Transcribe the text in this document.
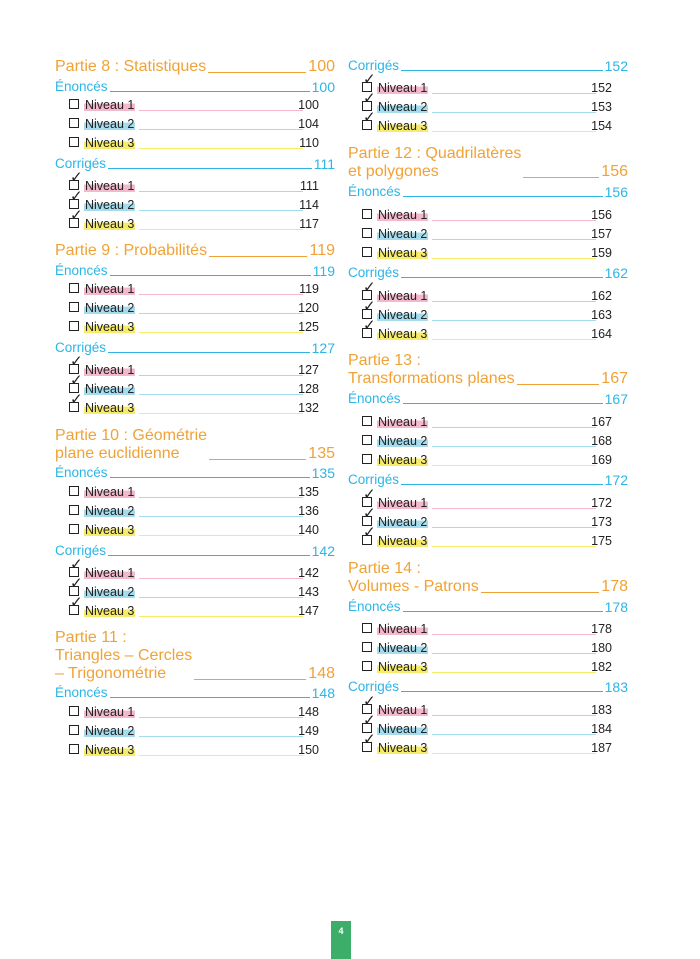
Partie 8 : Statistiques	100
Énoncés	100
Niveau 1	100
Niveau 2	104
Niveau 3	110
Corrigés	111
✓ Niveau 1	111
✓ Niveau 2	114
✓ Niveau 3	117
Partie 9 : Probabilités	119
Énoncés	119
Niveau 1	119
Niveau 2	120
Niveau 3	125
Corrigés	127
✓ Niveau 1	127
✓ Niveau 2	128
✓ Niveau 3	132
Partie 10 : Géométrie
plane euclidienne	135
Énoncés	135
Niveau 1	135
Niveau 2	136
Niveau 3	140
Corrigés	142
✓ Niveau 1	142
✓ Niveau 2	143
✓ Niveau 3	147
Partie 11 :
Triangles – Cercles
– Trigonométrie	148
Énoncés	148
Niveau 1	148
Niveau 2	149
Niveau 3	150
Corrigés	152
✓ Niveau 1	152
✓ Niveau 2	153
✓ Niveau 3	154
Partie 12 : Quadrilatères
et polygones	156
Énoncés	156
Niveau 1	156
Niveau 2	157
Niveau 3	159
Corrigés	162
✓ Niveau 1	162
✓ Niveau 2	163
✓ Niveau 3	164
Partie 13 :
Transformations planes	167
Énoncés	167
Niveau 1	167
Niveau 2	168
Niveau 3	169
Corrigés	172
✓ Niveau 1	172
✓ Niveau 2	173
✓ Niveau 3	175
Partie 14 :
Volumes - Patrons	178
Énoncés	178
Niveau 1	178
Niveau 2	180
Niveau 3	182
Corrigés	183
✓ Niveau 1	183
✓ Niveau 2	184
✓ Niveau 3	187
4
